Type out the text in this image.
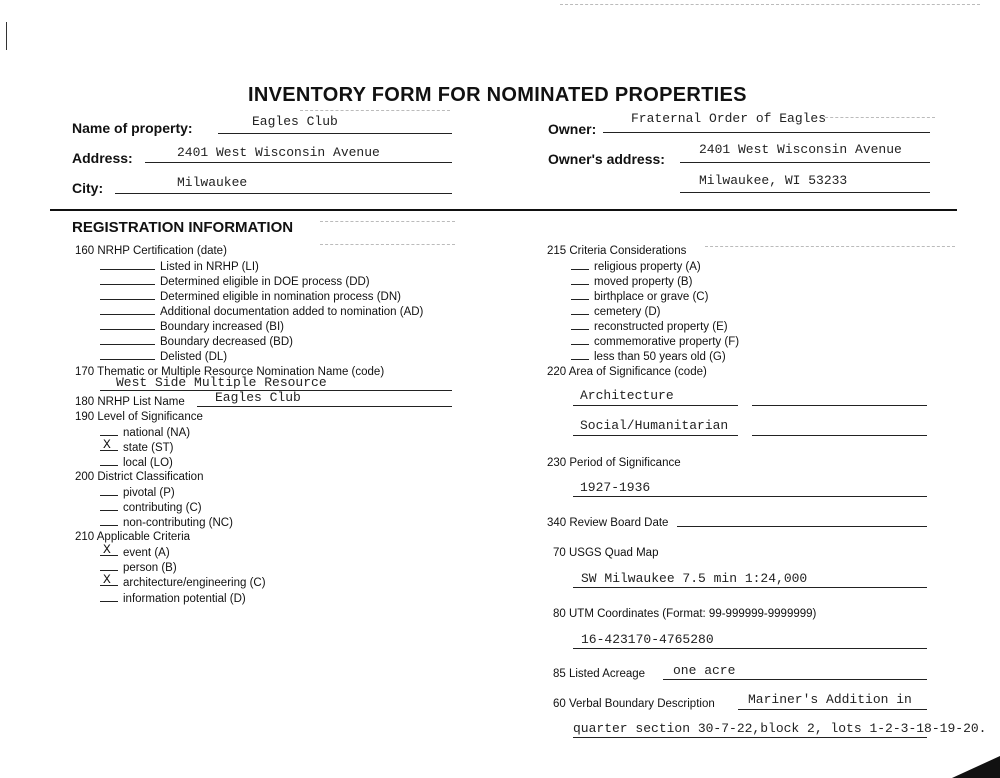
INVENTORY FORM FOR NOMINATED PROPERTIES
Name of property:	Eagles Club
Address:	2401 West Wisconsin Avenue
City:	Milwaukee
Owner:
Fraternal Order of Eagles
Owner's address:
2401 West Wisconsin Avenue
Milwaukee, WI 53233
REGISTRATION INFORMATION
160 NRHP Certification (date)
Listed in NRHP (LI)
Determined eligible in DOE process (DD)
Determined eligible in nomination process (DN)
Additional documentation added to nomination (AD)
Boundary increased (BI)
Boundary decreased (BD)
Delisted (DL)
170 Thematic or Multiple Resource Nomination Name (code)
West Side Multiple Resource
180 NRHP List Name Eagles Club
190 Level of Significance
national (NA)
X state (ST)
local (LO)
200 District Classification
pivotal (P)
contributing (C)
non-contributing (NC)
210 Applicable Criteria
X event (A)
person (B)
X architecture/engineering (C)
information potential (D)
215 Criteria Considerations
religious property (A)
moved property (B)
birthplace or grave (C)
cemetery (D)
reconstructed property (E)
commemorative property (F)
less than 50 years old (G)
220 Area of Significance (code)
Architecture
Social/Humanitarian
230 Period of Significance
1927-1936
340 Review Board Date
70 USGS Quad Map
SW Milwaukee 7.5 min 1:24,000
80 UTM Coordinates (Format: 99-999999-9999999)
16-423170-4765280
85 Listed Acreage one acre
60 Verbal Boundary Description	Mariner's Addition in
quarter section 30-7-22,block 2, lots 1-2-3-18-19-20.
